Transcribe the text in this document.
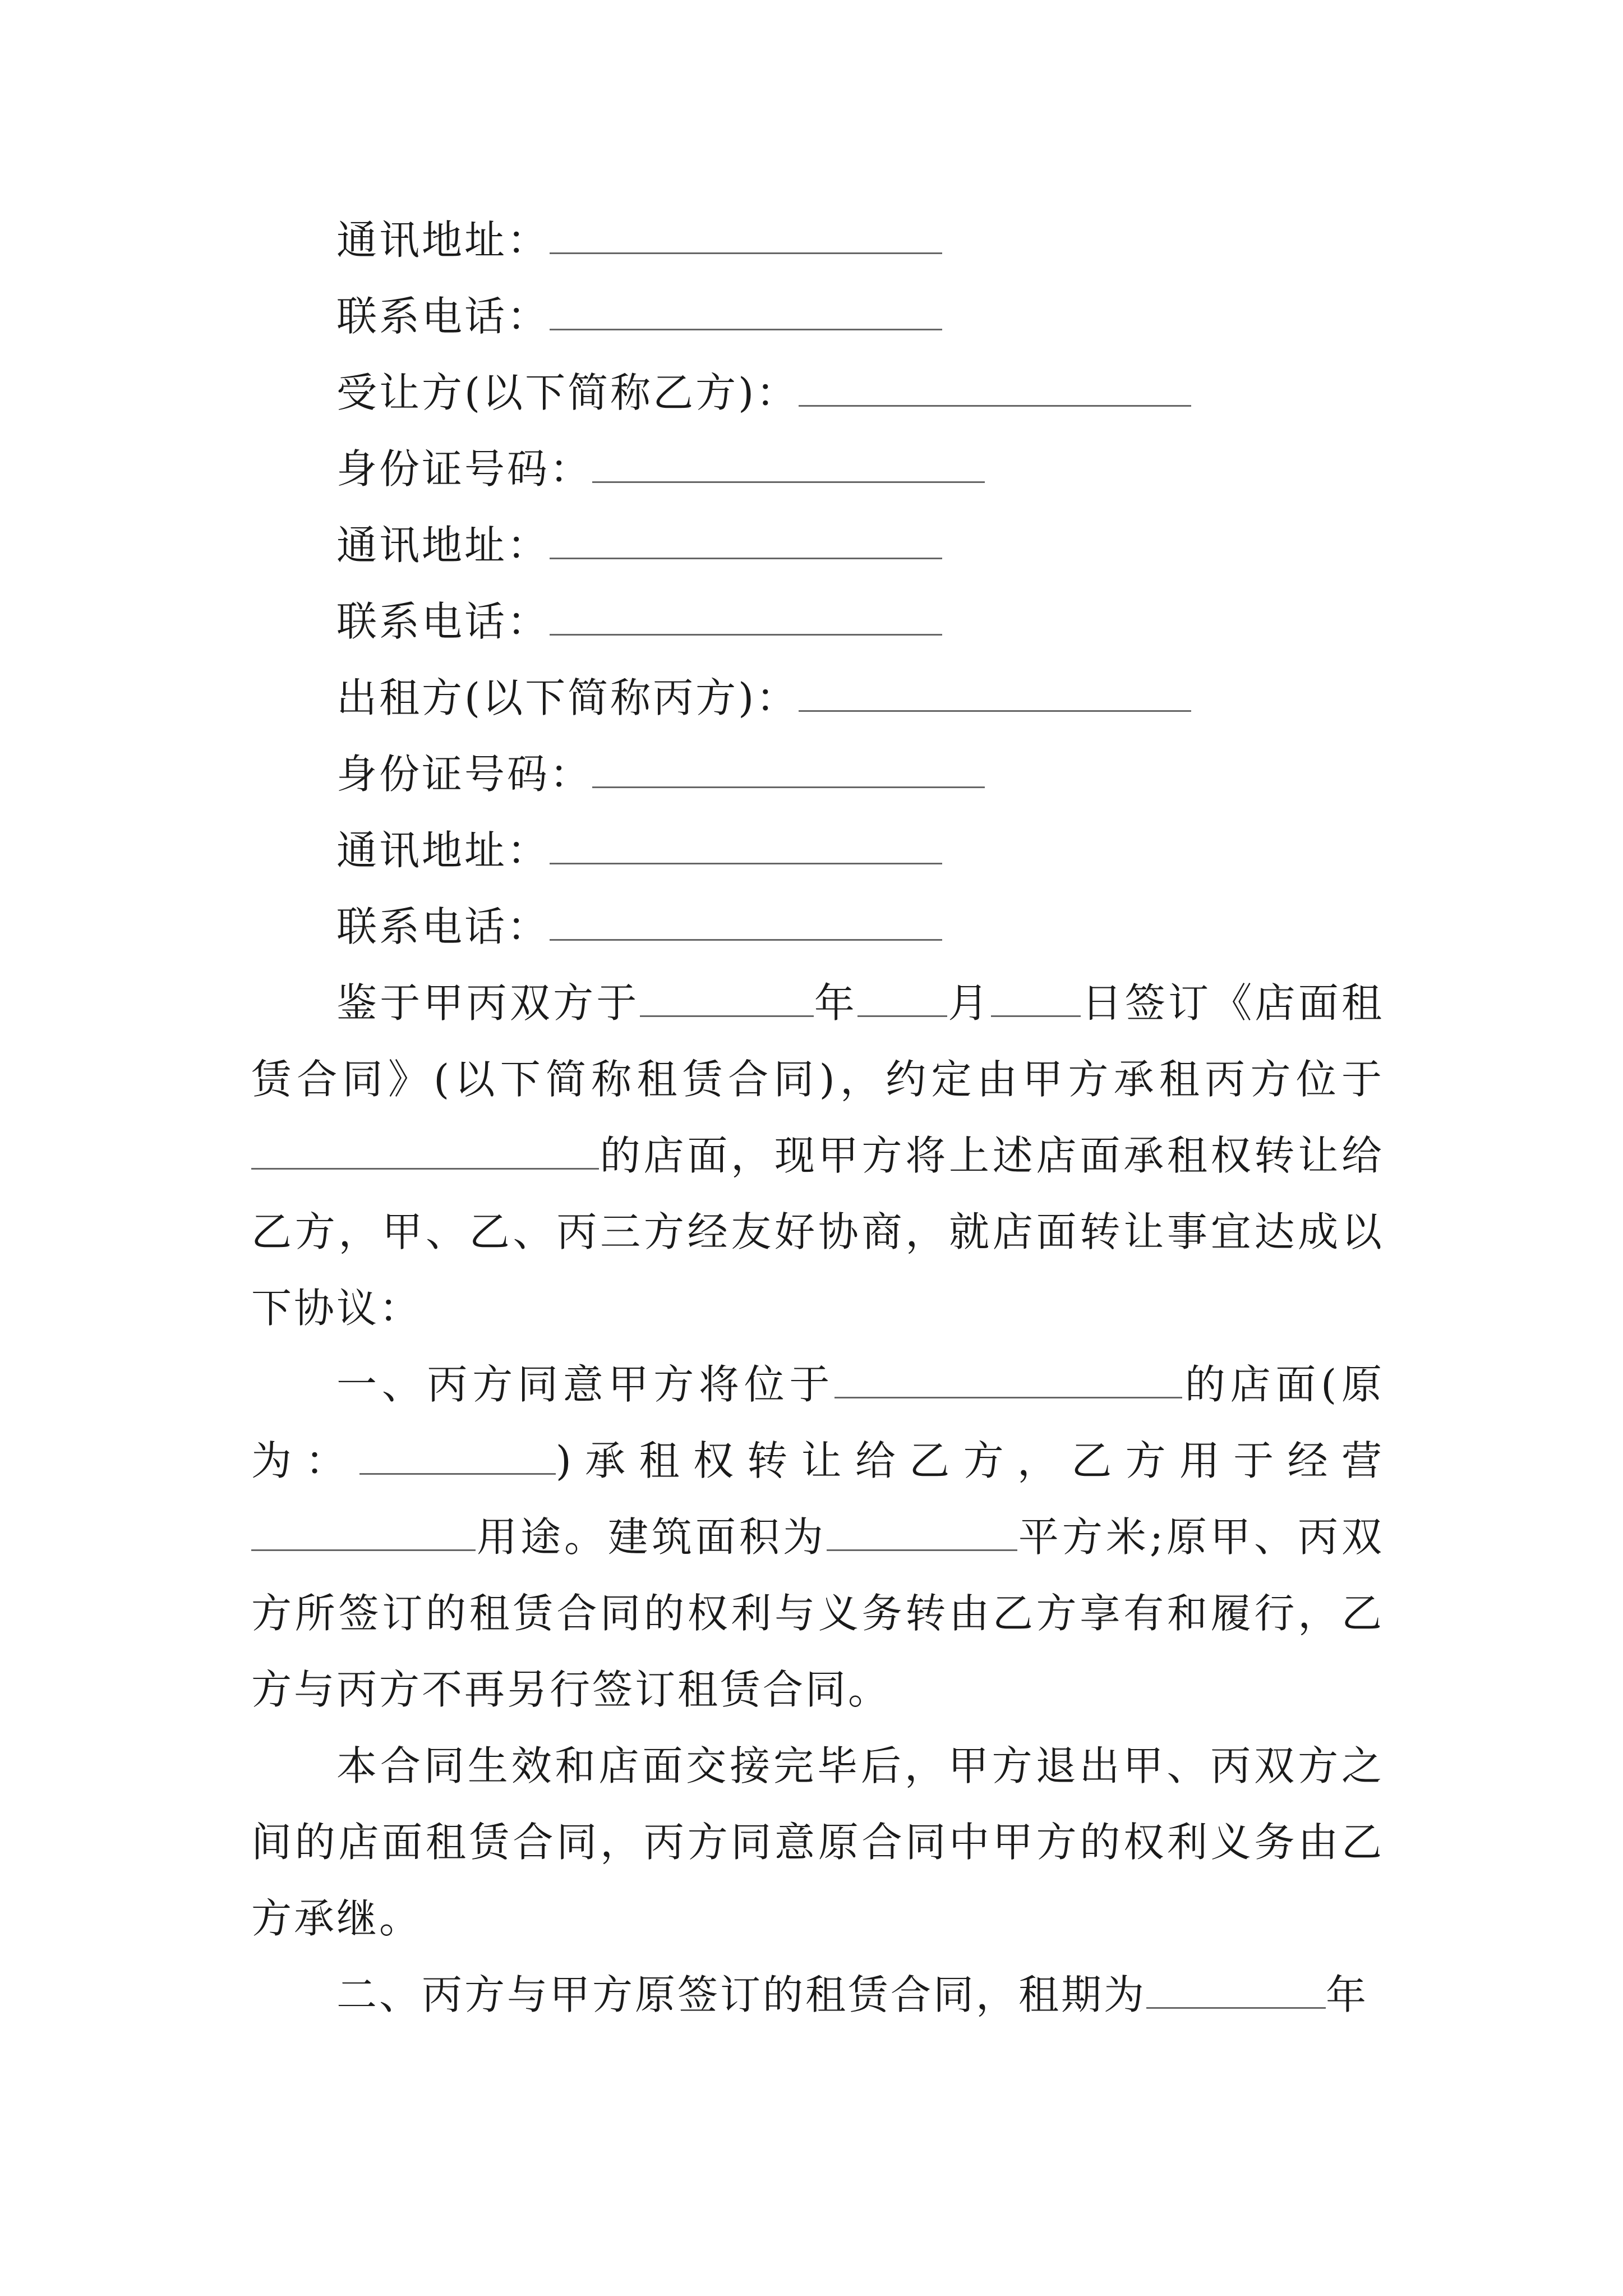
通讯地址：

联系电话：

受让方(以下简称乙方)：

身份证号码：

通讯地址：

联系电话：

出租方(以下简称丙方)：

身份证号码：

通讯地址：

联系电话：

鉴于甲丙双方于	年 月 日签订《店面租赁合同》(以下简称租赁合同)，约定由甲方承租丙方位于的店面，现甲方将上述店面承租权转让给乙方，甲、乙、丙三方经友好协商，就店面转让事宜达成以下协议：

一、丙方同意甲方将位于	的店面(原为：	)承租权转让给乙方，乙方用于经营用途。建筑面积为	平方米;原甲、丙双方所签订的租赁合同的权利与义务转由乙方享有和履行，乙方与丙方不再另行签订租赁合同。

本合同生效和店面交接完毕后，甲方退出甲、丙双方之间的店面租赁合同，丙方同意原合同中甲方的权利义务由乙方承继。

二、丙方与甲方原签订的租赁合同，租期为	年
